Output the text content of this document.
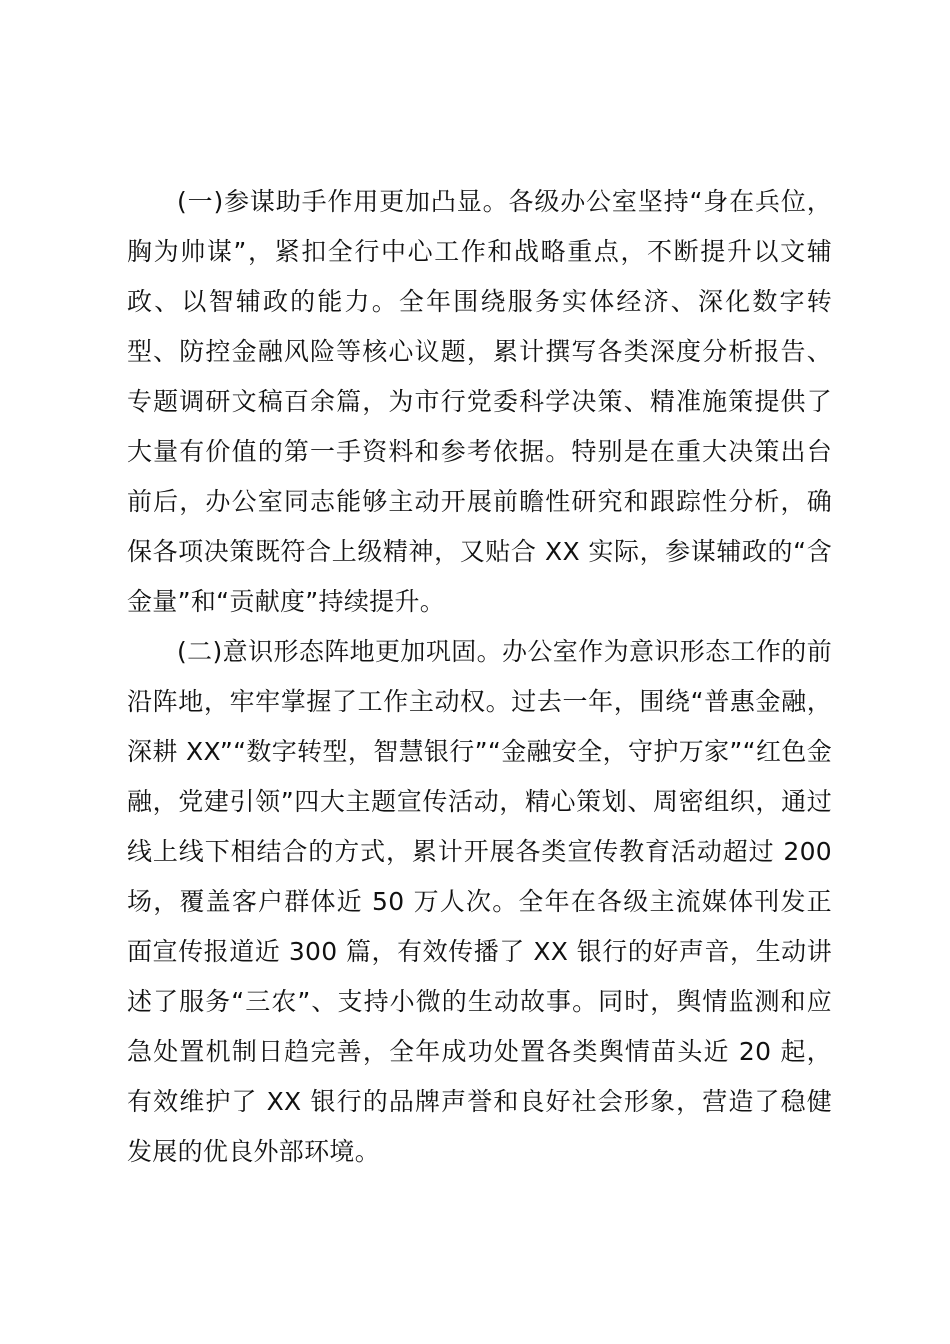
(一)参谋助手作用更加凸显。各级办公室坚持“身在兵位，胸为帅谋”，紧扣全行中心工作和战略重点，不断提升以文辅政、以智辅政的能力。全年围绕服务实体经济、深化数字转型、防控金融风险等核心议题，累计撰写各类深度分析报告、专题调研文稿百余篇，为市行党委科学决策、精准施策提供了大量有价值的第一手资料和参考依据。特别是在重大决策出台前后，办公室同志能够主动开展前瞻性研究和跟踪性分析，确保各项决策既符合上级精神，又贴合 XX 实际，参谋辅政的“含金量”和“贡献度”持续提升。

(二)意识形态阵地更加巩固。办公室作为意识形态工作的前沿阵地，牢牢掌握了工作主动权。过去一年，围绕“普惠金融，深耕 XX”“数字转型，智慧银行”“金融安全，守护万家”“红色金融，党建引领”四大主题宣传活动，精心策划、周密组织，通过线上线下相结合的方式，累计开展各类宣传教育活动超过 200 场，覆盖客户群体近 50 万人次。全年在各级主流媒体刊发正面宣传报道近 300 篇，有效传播了 XX 银行的好声音，生动讲述了服务“三农”、支持小微的生动故事。同时，舆情监测和应急处置机制日趋完善，全年成功处置各类舆情苗头近 20 起，有效维护了 XX 银行的品牌声誉和良好社会形象，营造了稳健发展的优良外部环境。
